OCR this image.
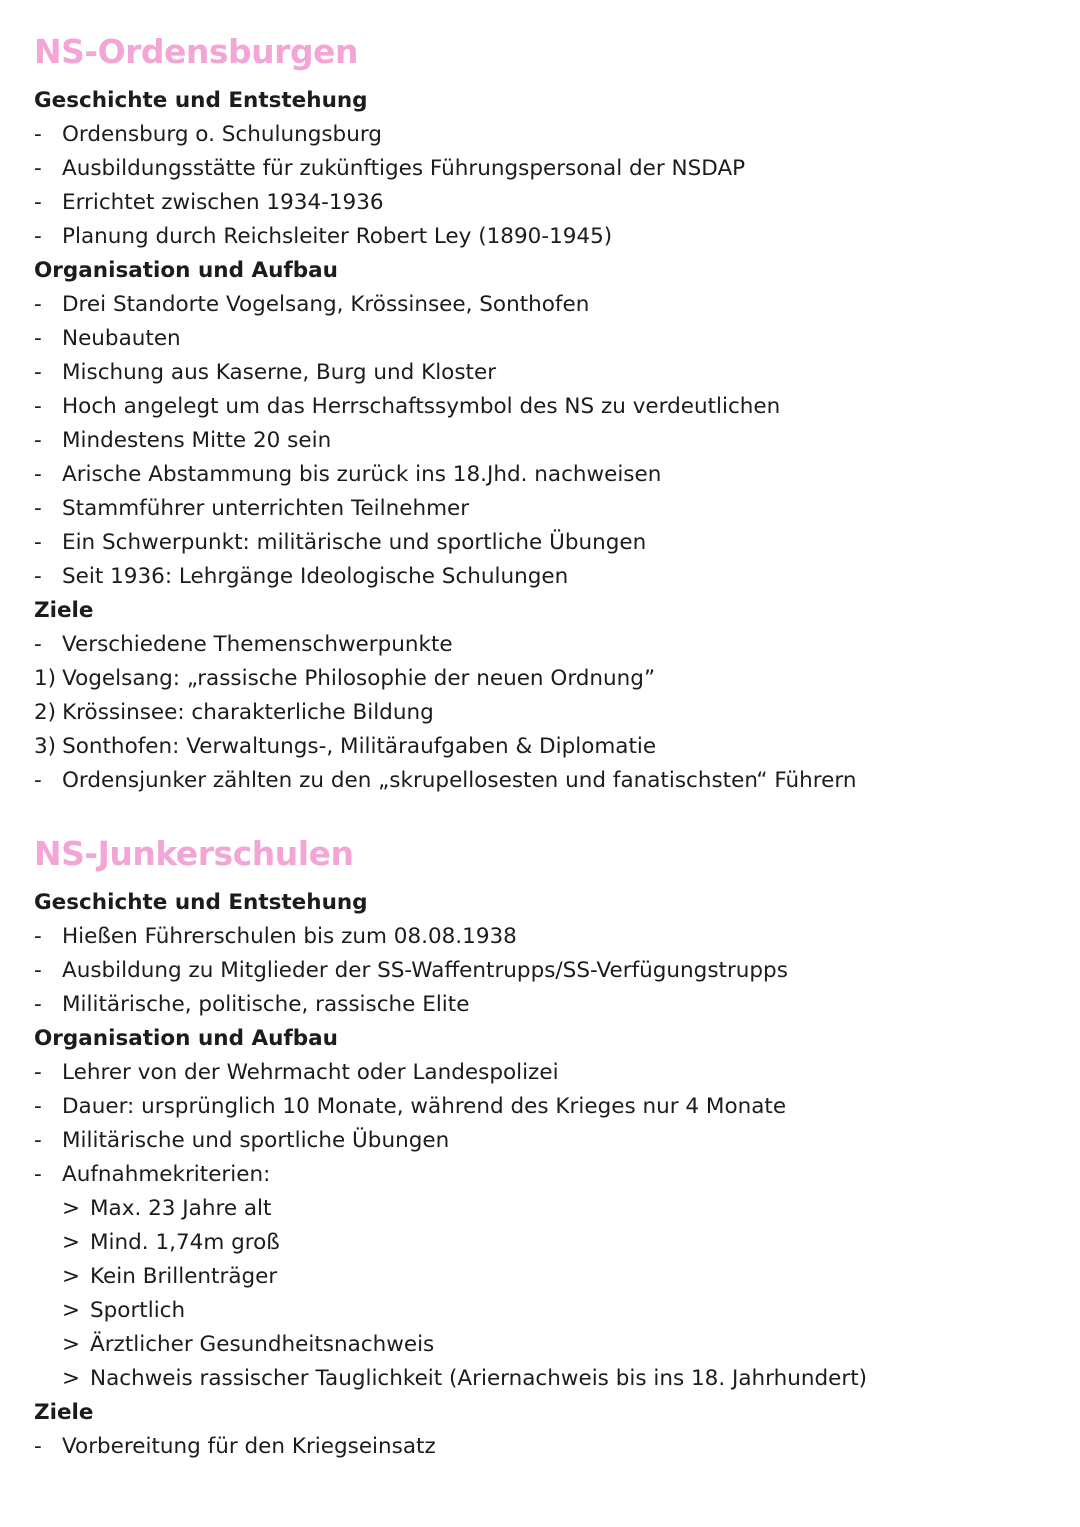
NS-Ordensburgen
Geschichte und Entstehung
- Ordensburg o. Schulungsburg
- Ausbildungsstätte für zukünftiges Führungspersonal der NSDAP
- Errichtet zwischen 1934-1936
- Planung durch Reichsleiter Robert Ley (1890-1945)
Organisation und Aufbau
- Drei Standorte Vogelsang, Krössinsee, Sonthofen
- Neubauten
- Mischung aus Kaserne, Burg und Kloster
- Hoch angelegt um das Herrschaftssymbol des NS zu verdeutlichen
- Mindestens Mitte 20 sein
- Arische Abstammung bis zurück ins 18.Jhd. nachweisen
- Stammführer unterrichten Teilnehmer
- Ein Schwerpunkt: militärische und sportliche Übungen
- Seit 1936: Lehrgänge Ideologische Schulungen
Ziele
- Verschiedene Themenschwerpunkte
1) Vogelsang: „rassische Philosophie der neuen Ordnung”
2) Krössinsee: charakterliche Bildung
3) Sonthofen: Verwaltungs-, Militäraufgaben & Diplomatie
- Ordensjunker zählten zu den „skrupellosesten und fanatischsten“ Führern
NS-Junkerschulen
Geschichte und Entstehung
- Hießen Führerschulen bis zum 08.08.1938
- Ausbildung zu Mitglieder der SS-Waffentrupps/SS-Verfügungstrupps
- Militärische, politische, rassische Elite
Organisation und Aufbau
- Lehrer von der Wehrmacht oder Landespolizei
- Dauer: ursprünglich 10 Monate, während des Krieges nur 4 Monate
- Militärische und sportliche Übungen
- Aufnahmekriterien:
> Max. 23 Jahre alt
> Mind. 1,74m groß
> Kein Brillenträger
> Sportlich
> Ärztlicher Gesundheitsnachweis
> Nachweis rassischer Tauglichkeit (Ariernachweis bis ins 18. Jahrhundert)
Ziele
- Vorbereitung für den Kriegseinsatz
